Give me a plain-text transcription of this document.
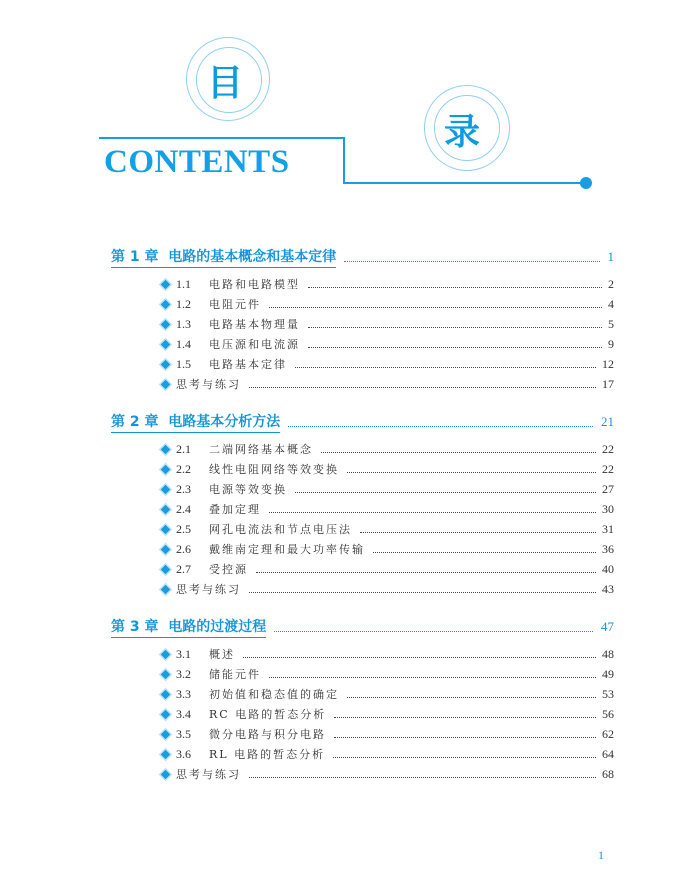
目
录
CONTENTS
第 1 章 电路的基本概念和基本定律	1
1.1	电路和电路模型	2
1.2	电阻元件	4
1.3	电路基本物理量	5
1.4	电压源和电流源	9
1.5	电路基本定律	12
思考与练习	17
第 2 章 电路基本分析方法	21
2.1	二端网络基本概念	22
2.2	线性电阻网络等效变换	22
2.3	电源等效变换	27
2.4	叠加定理	30
2.5	网孔电流法和节点电压法	31
2.6	戴维南定理和最大功率传输	36
2.7	受控源	40
思考与练习	43
第 3 章 电路的过渡过程	47
3.1	概述	48
3.2	储能元件	49
3.3	初始值和稳态值的确定	53
3.4	RC 电路的暂态分析	56
3.5	微分电路与积分电路	62
3.6	RL 电路的暂态分析	64
思考与练习	68
1
